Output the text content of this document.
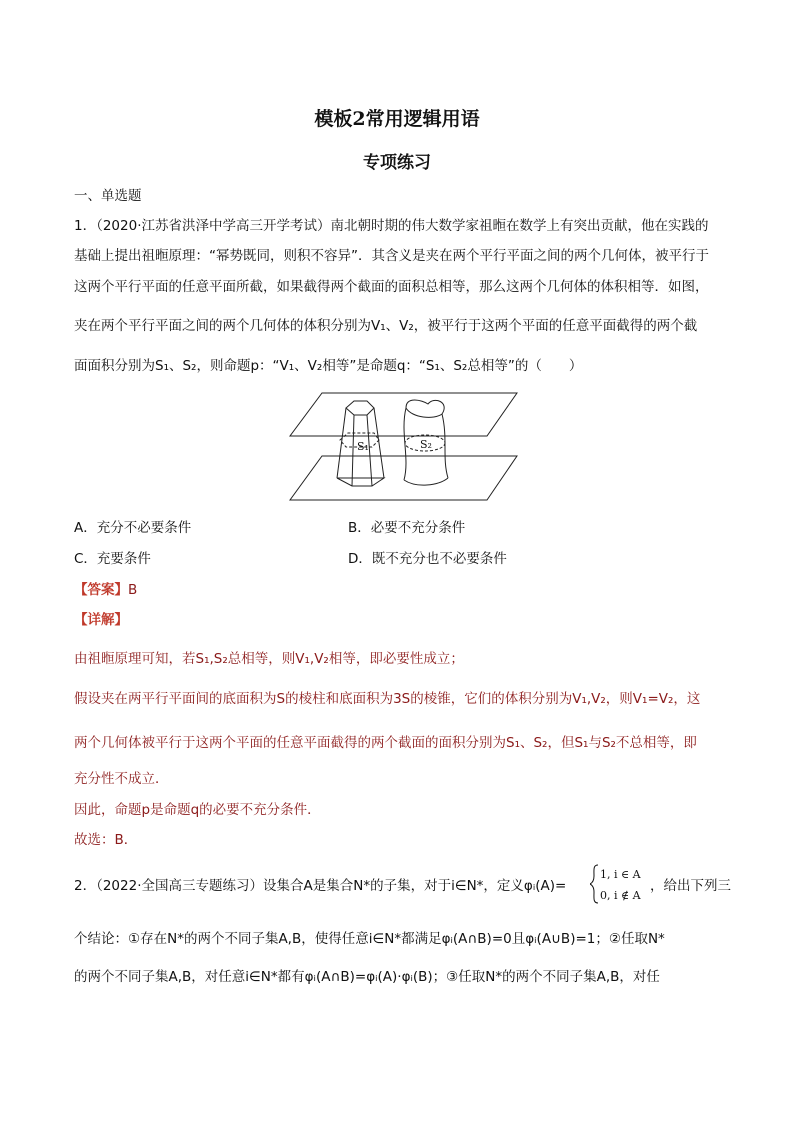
模板2常用逻辑用语
专项练习
一、单选题
1．（2020·江苏省洪泽中学高三开学考试）南北朝时期的伟大数学家祖暅在数学上有突出贡献，他在实践的
基础上提出祖暅原理：“幂势既同，则积不容异”．其含义是夹在两个平行平面之间的两个几何体，被平行于
这两个平行平面的任意平面所截，如果截得两个截面的面积总相等，那么这两个几何体的体积相等．如图，
夹在两个平行平面之间的两个几何体的体积分别为V₁、V₂，被平行于这两个平面的任意平面截得的两个截
面面积分别为S₁、S₂，则命题p：“V₁、V₂相等”是命题q：“S₁、S₂总相等”的（　　）
S₁	S₂
A．充分不必要条件	B．必要不充分条件
C．充要条件	D．既不充分也不必要条件
【答案】B
【详解】
由祖暅原理可知，若S₁,S₂总相等，则V₁,V₂相等，即必要性成立；
假设夹在两平行平面间的底面积为S的棱柱和底面积为3S的棱锥，它们的体积分别为V₁,V₂，则V₁=V₂，这
两个几何体被平行于这两个平面的任意平面截得的两个截面的面积分别为S₁、S₂，但S₁与S₂不总相等，即
充分性不成立．
因此，命题p是命题q的必要不充分条件．
故选：B．
2．（2022·全国高三专题练习）设集合A是集合N*的子集，对于i∈N*，定义φᵢ(A)=
1, i ∈ A
0, i ∉ A
，给出下列三
个结论：①存在N*的两个不同子集A,B，使得任意i∈N*都满足φᵢ(A∩B)=0且φᵢ(A∪B)=1；②任取N*
的两个不同子集A,B，对任意i∈N*都有φᵢ(A∩B)=φᵢ(A)·φᵢ(B)；③任取N*的两个不同子集A,B，对任
